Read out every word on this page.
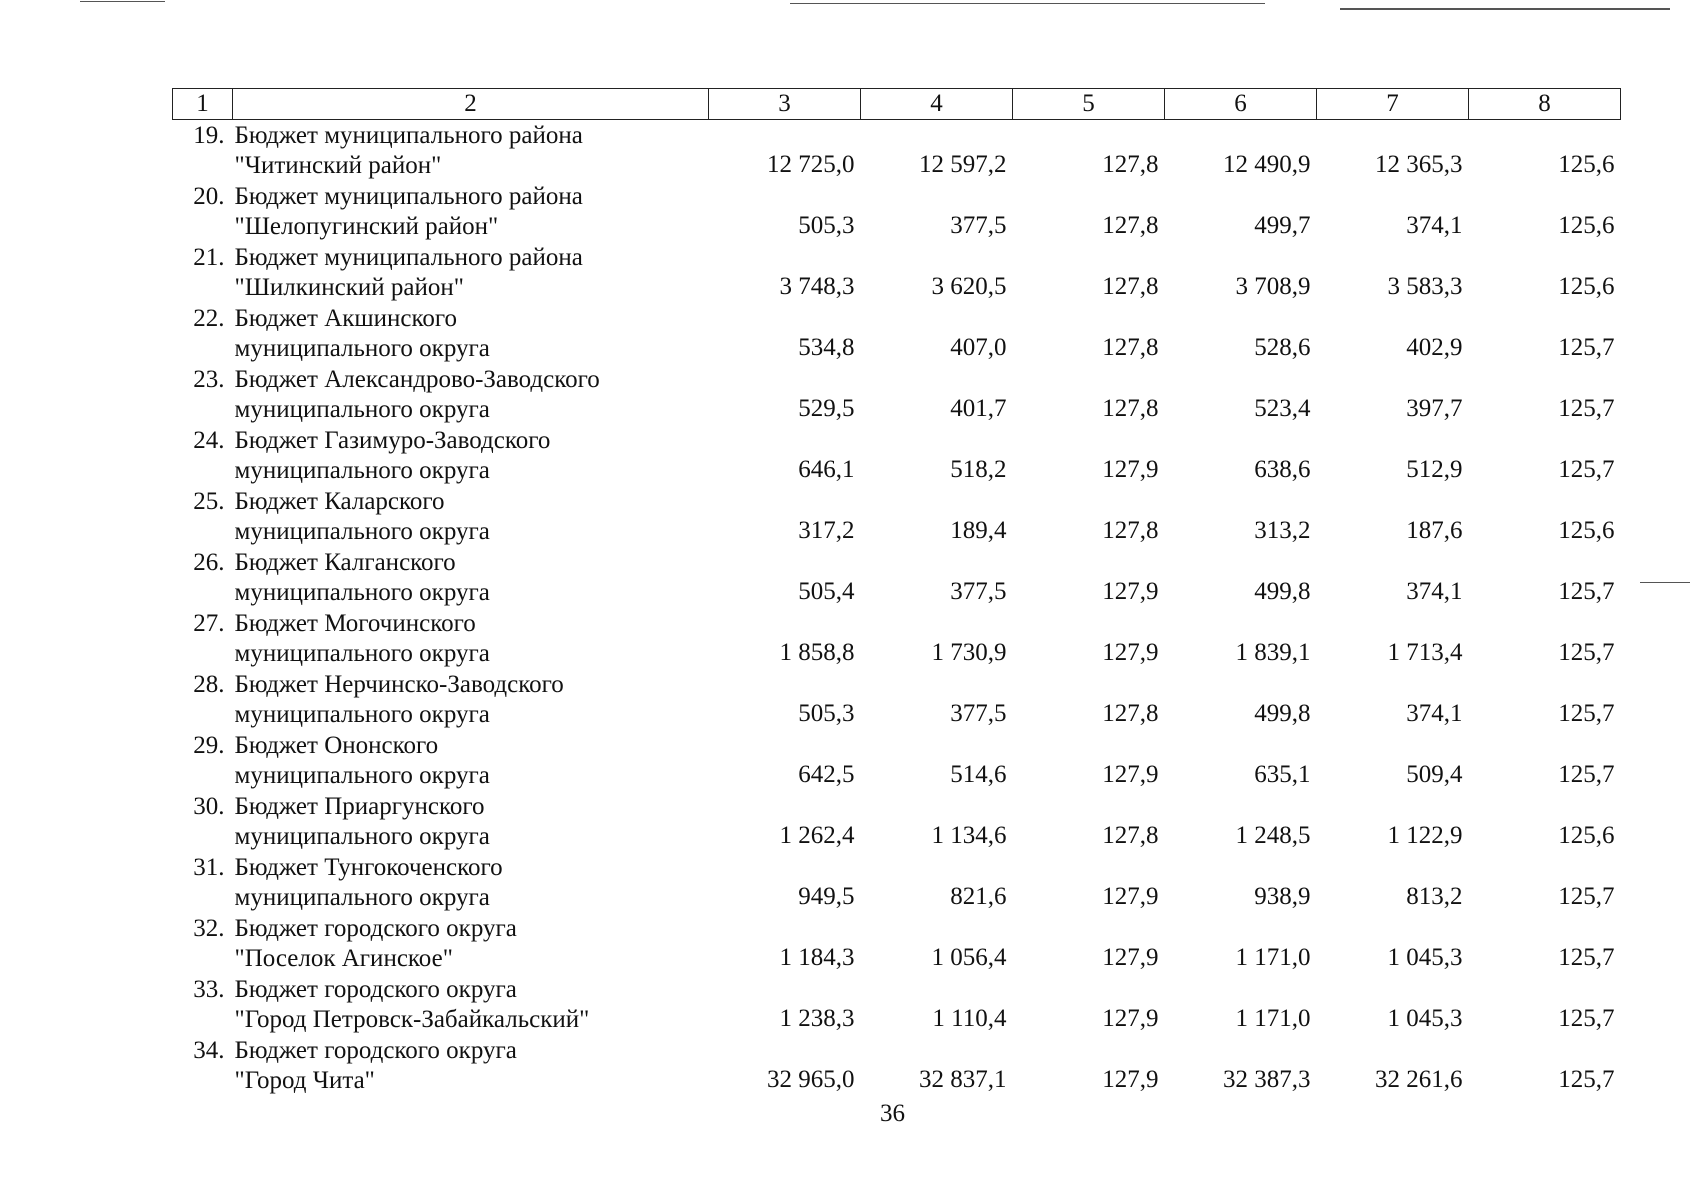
1	2	3	4	5	6	7	8
19.	Бюджет муниципального района
"Читинский район"	12 725,0	12 597,2	127,8	12 490,9	12 365,3	125,6
20.	Бюджет муниципального района
"Шелопугинский район"	505,3	377,5	127,8	499,7	374,1	125,6
21.	Бюджет муниципального района
"Шилкинский район"	3 748,3	3 620,5	127,8	3 708,9	3 583,3	125,6
22.	Бюджет Акшинского
муниципального округа	534,8	407,0	127,8	528,6	402,9	125,7
23.	Бюджет Александрово-Заводского
муниципального округа	529,5	401,7	127,8	523,4	397,7	125,7
24.	Бюджет Газимуро-Заводского
муниципального округа	646,1	518,2	127,9	638,6	512,9	125,7
25.	Бюджет Каларского
муниципального округа	317,2	189,4	127,8	313,2	187,6	125,6
26.	Бюджет Калганского
муниципального округа	505,4	377,5	127,9	499,8	374,1	125,7
27.	Бюджет Могочинского
муниципального округа	1 858,8	1 730,9	127,9	1 839,1	1 713,4	125,7
28.	Бюджет Нерчинско-Заводского
муниципального округа	505,3	377,5	127,8	499,8	374,1	125,7
29.	Бюджет Ононского
муниципального округа	642,5	514,6	127,9	635,1	509,4	125,7
30.	Бюджет Приаргунского
муниципального округа	1 262,4	1 134,6	127,8	1 248,5	1 122,9	125,6
31.	Бюджет Тунгокоченского
муниципального округа	949,5	821,6	127,9	938,9	813,2	125,7
32.	Бюджет городского округа
"Поселок Агинское"	1 184,3	1 056,4	127,9	1 171,0	1 045,3	125,7
33.	Бюджет городского округа
"Город Петровск-Забайкальский"	1 238,3	1 110,4	127,9	1 171,0	1 045,3	125,7
34.	Бюджет городского округа
"Город Чита"	32 965,0	32 837,1	127,9	32 387,3	32 261,6	125,7
36
